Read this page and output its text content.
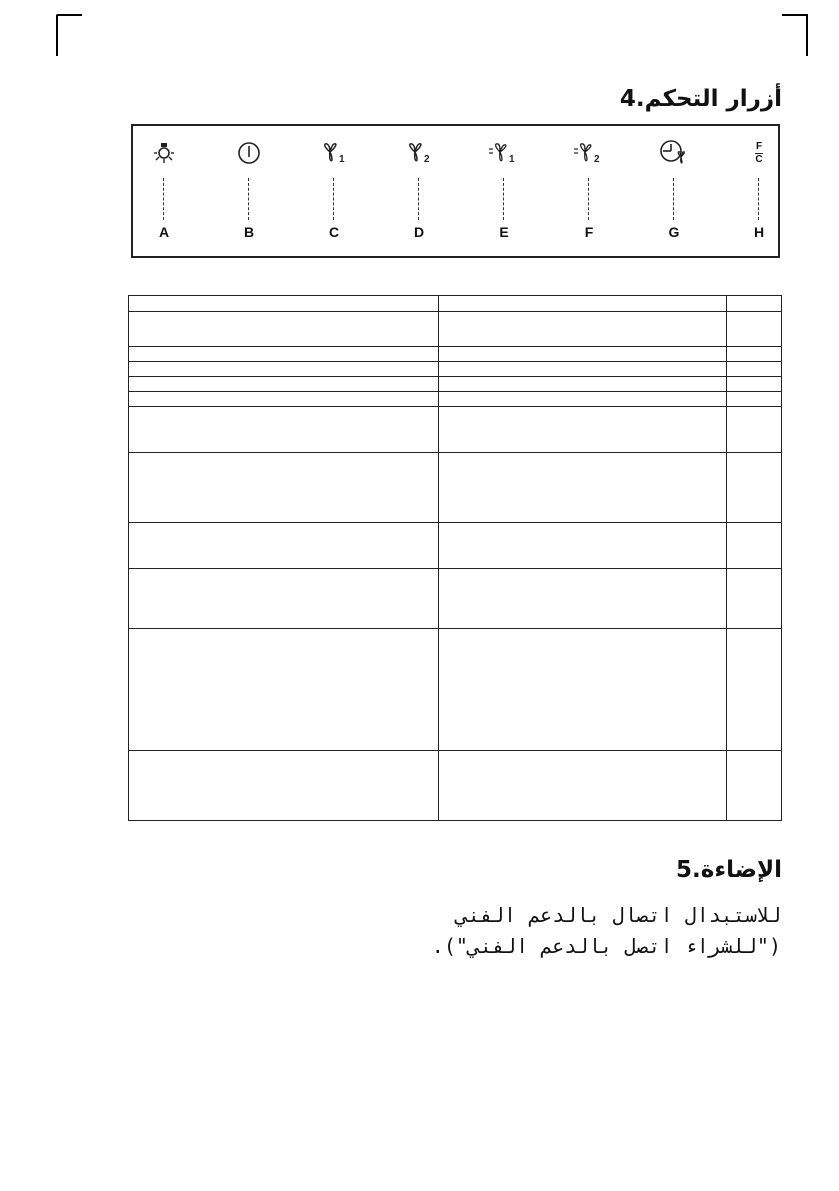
أزرار التحكم4.
A	B
1
C
2
D
1
E
2
F	G
F
C
H

الإضاءة5.
للاستبدال اتصال بالدعم الفني
("للشراء اتصل بالدعم الفني").
